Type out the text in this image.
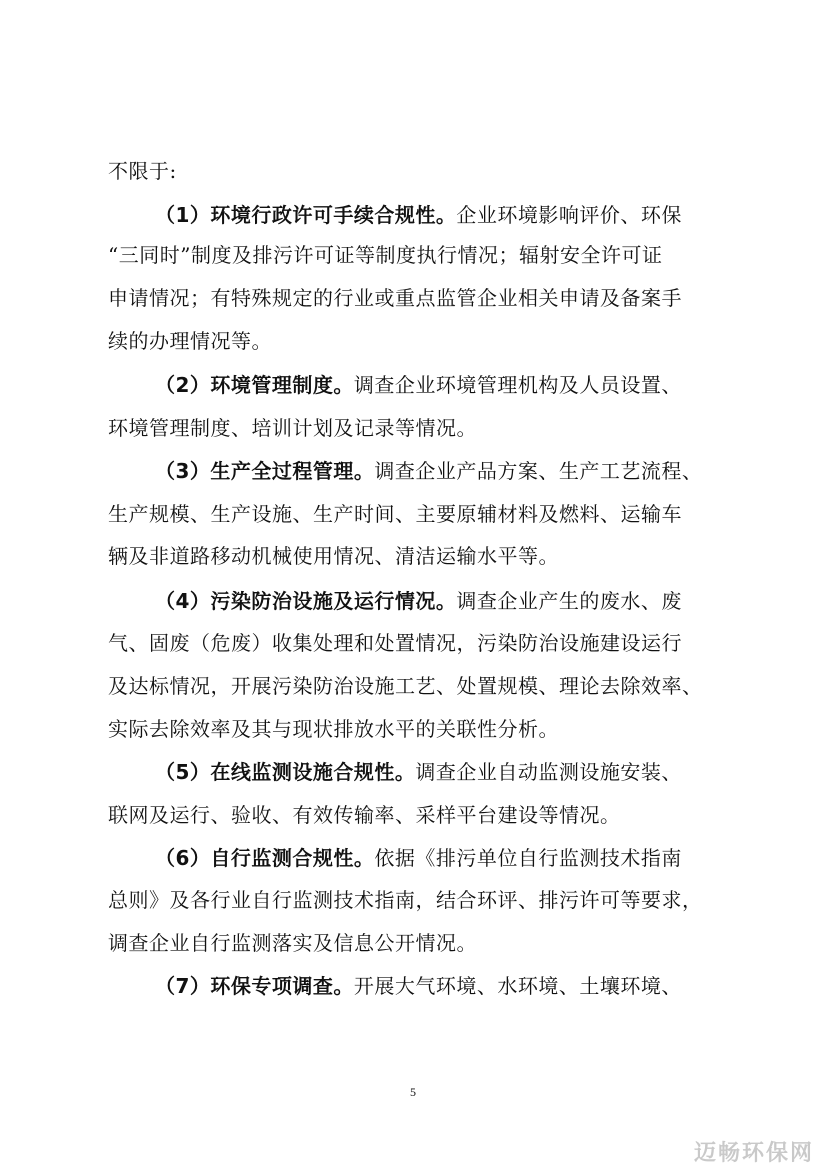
不限于:
（1）环境行政许可手续合规性。企业环境影响评价、环保
“三同时”制度及排污许可证等制度执行情况；辐射安全许可证
申请情况；有特殊规定的行业或重点监管企业相关申请及备案手
续的办理情况等。
（2）环境管理制度。调查企业环境管理机构及人员设置、
环境管理制度、培训计划及记录等情况。
（3）生产全过程管理。调查企业产品方案、生产工艺流程、
生产规模、生产设施、生产时间、主要原辅材料及燃料、运输车
辆及非道路移动机械使用情况、清洁运输水平等。
（4）污染防治设施及运行情况。调查企业产生的废水、废
气、固废（危废）收集处理和处置情况，污染防治设施建设运行
及达标情况，开展污染防治设施工艺、处置规模、理论去除效率、
实际去除效率及其与现状排放水平的关联性分析。
（5）在线监测设施合规性。调查企业自动监测设施安装、
联网及运行、验收、有效传输率、采样平台建设等情况。
（6）自行监测合规性。依据《排污单位自行监测技术指南
总则》及各行业自行监测技术指南，结合环评、排污许可等要求，
调查企业自行监测落实及信息公开情况。
（7）环保专项调查。开展大气环境、水环境、土壤环境、
5
迈畅环保网
